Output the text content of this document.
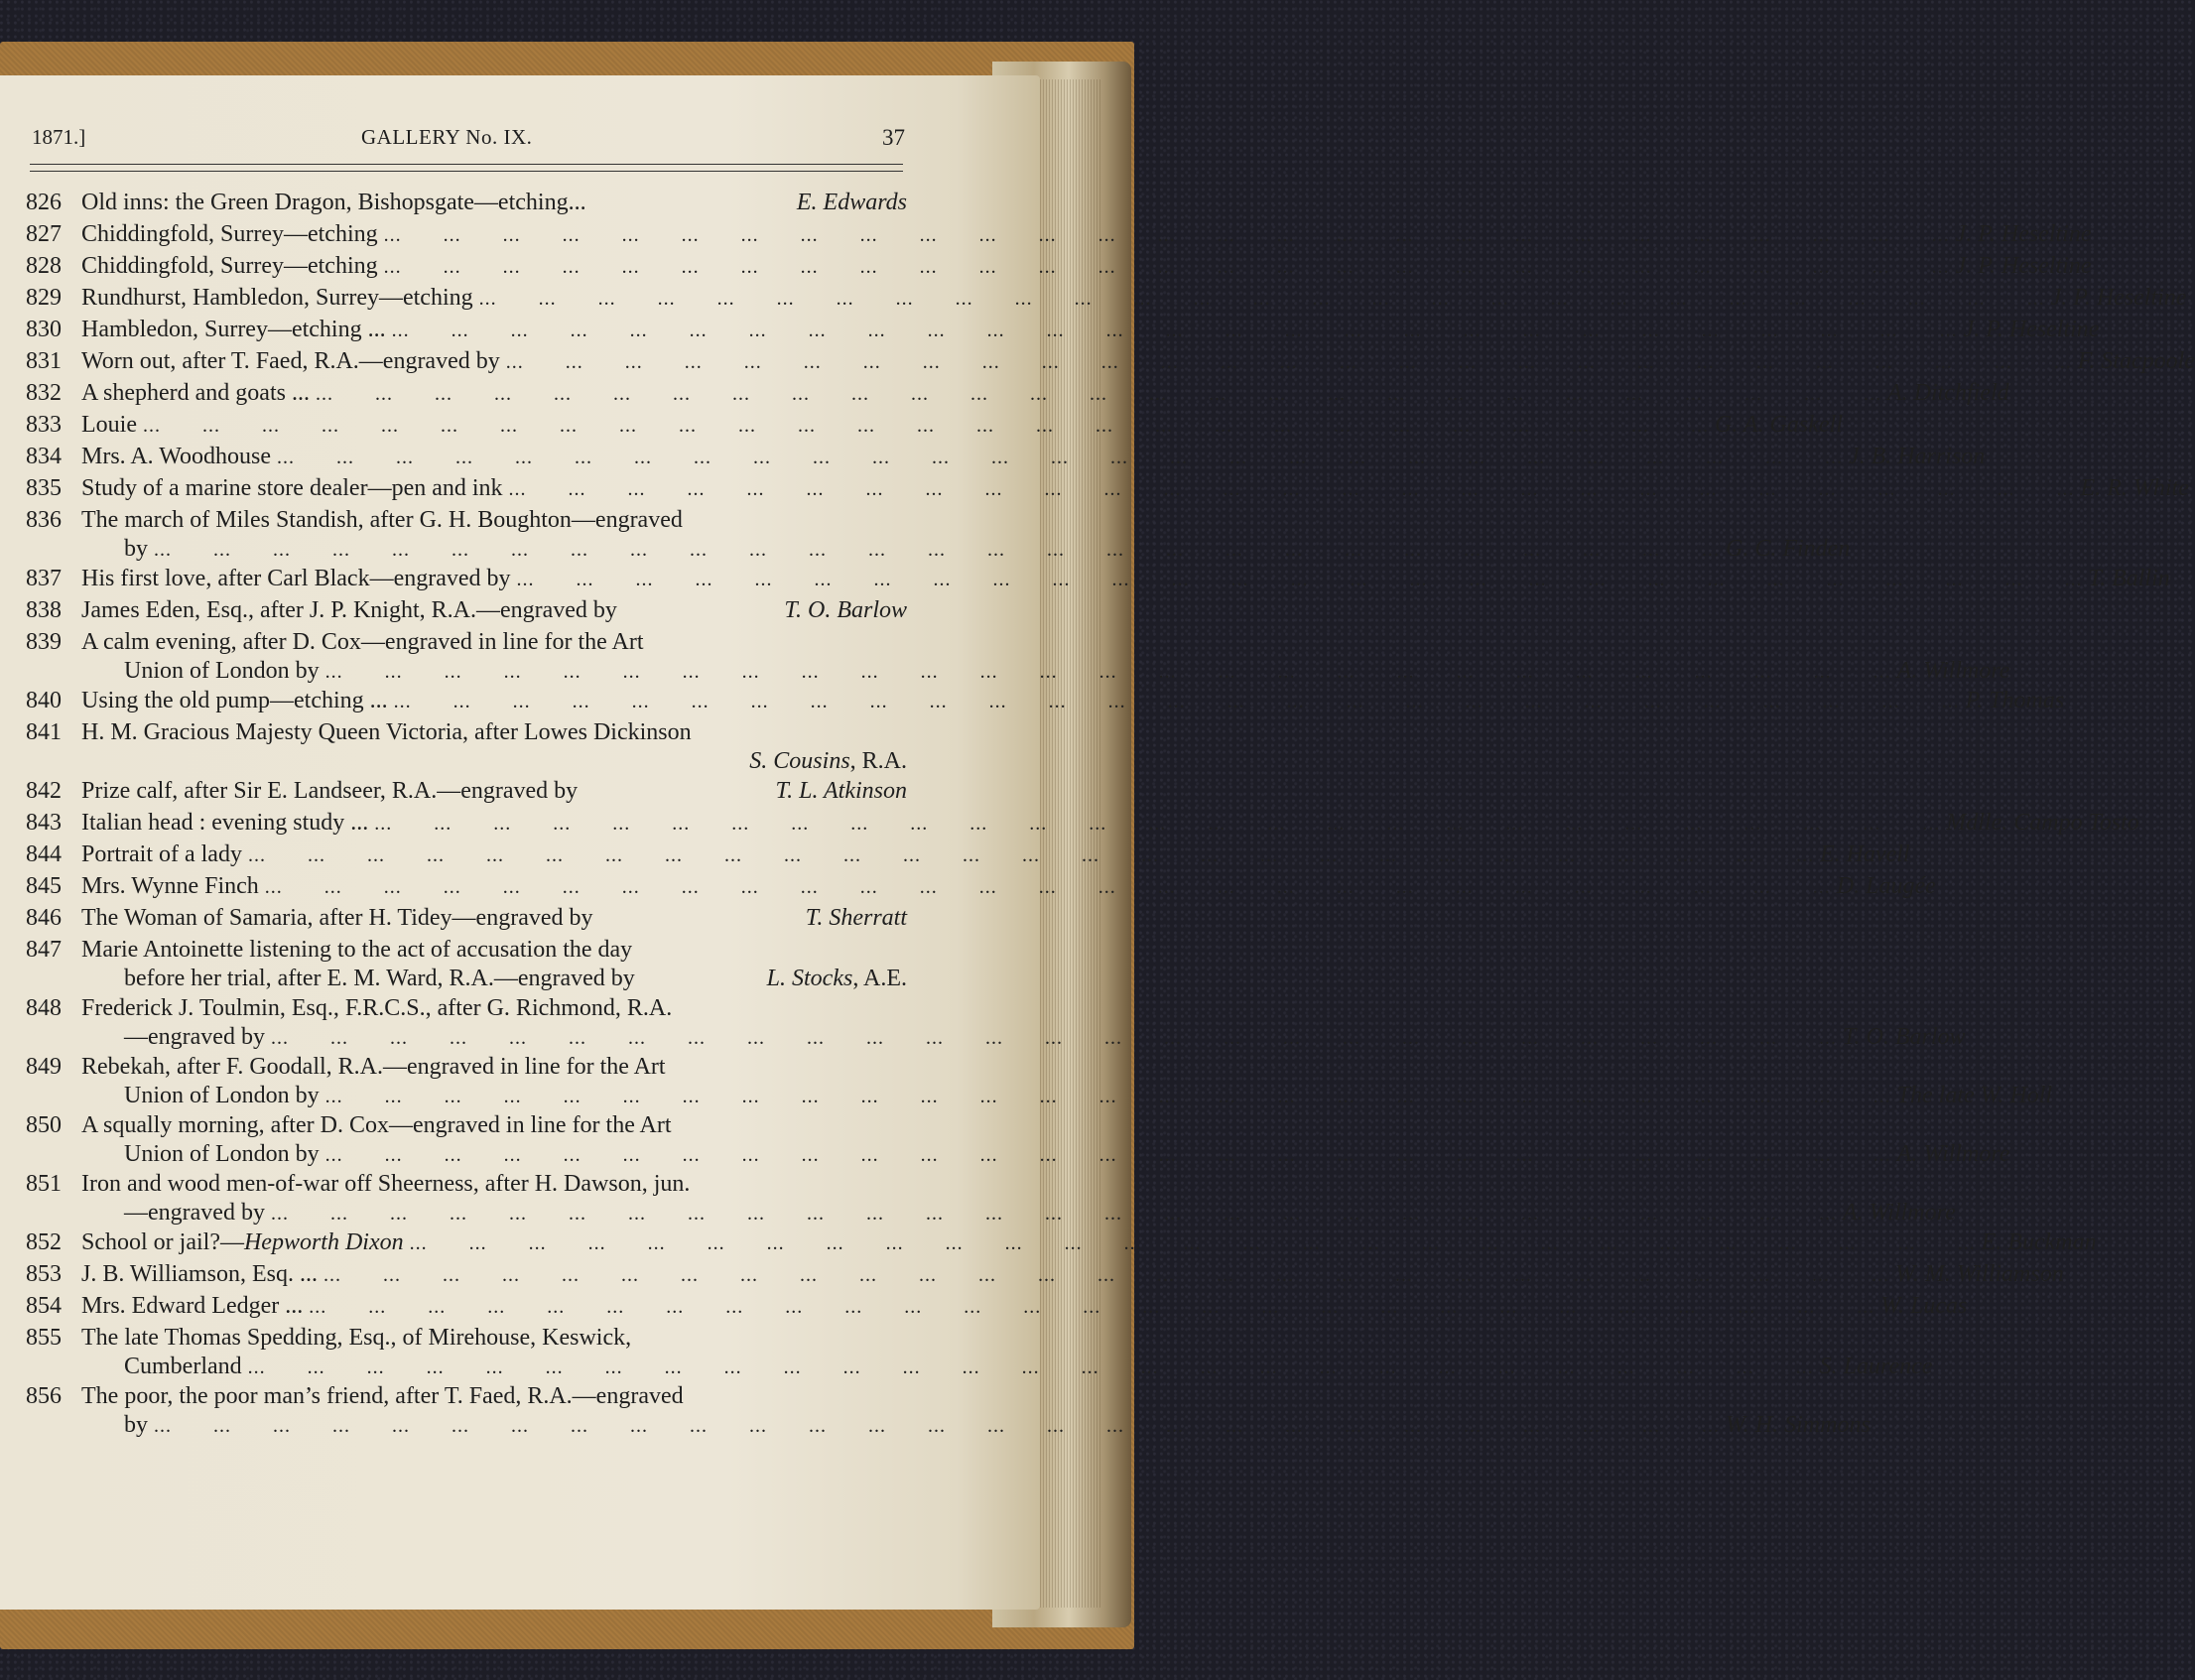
1871.]	GALLERY No. IX.	37
826 Old inns: the Green Dragon, Bishopsgate—etching ...	E. Edwards
827 Chiddingfold, Surrey—etching ... .	J. P. Heseltine
828 Chiddingfold, Surrey—etching ... .	J. P. Heseltine
829 Rundhurst, Hambledon, Surrey—etching ... .	J. P. Heseltine
830 Hambledon, Surrey—etching ... ... .	J. P. Heseltine
831 Worn out, after T. Faed, R.A.—engraved by ... .	F. Stacpoole
832 A shepherd and goats ... ... .	A. Ditchfield
833 Louie ... .	G. A. Gaskell
834 Mrs. A. Woodhouse ... .	J. B. Harrison
835 Study of a marine store dealer—pen and ink ... .	E. R. White
836 The march of Miles Standish, after G. H. Boughton—engraved
by ... .	G. C. Finden
837 His first love, after Carl Black—engraved by ... .	T. Ballin
838 James Eden, Esq., after J. P. Knight, R.A.—engraved by	T. O. Barlow
839 A calm evening, after D. Cox—engraved in line for the Art
Union of London by ... .	A. Willmore
840 Using the old pump—etching ... ... .	P. Thomas
841 H. M. Gracious Majesty Queen Victoria, after Lowes Dickinson
S. Cousins , R.A.
842 Prize calf, after Sir E. Landseer, R.A.—engraved by	T. L. Atkinson
843 Italian head : evening study ... ... .	Mdlle. Campo Tosto
844 Portrait of a lady ... .	E. Havell
845 Mrs. Wynne Finch ... .	D. Laugée
846 The Woman of Samaria, after H. Tidey—engraved by	T. Sherratt
847 Marie Antoinette listening to the act of accusation the day
before her trial, after E. M. Ward, R.A.—engraved by	L. Stocks , A.E.
848 Frederick J. Toulmin, Esq., F.R.C.S., after G. Richmond, R.A.
—engraved by ... .	T. O. Barlow
849 Rebekah, after F. Goodall, R.A.—engraved in line for the Art
Union of London by ... .	The late W. Holl
850 A squally morning, after D. Cox—engraved in line for the Art
Union of London by ... .	A. Willmore
851 Iron and wood men-of-war off Sheerness, after H. Dawson, jun.
—engraved by ... .	A. Willmore
852 School or jail?— Hepworth Dixon ... .	E. Buckman
853 J. B. Williamson, Esq. ... ... .	W. M. Williamson
854 Mrs. Edward Ledger ... ... .	W. Lucas
855 The late Thomas Spedding, Esq., of Mirehouse, Keswick,
Cumberland ... .	S. Laurence
856 The poor, the poor man’s friend, after T. Faed, R.A.—engraved
by ... .	W. H. Simmons
